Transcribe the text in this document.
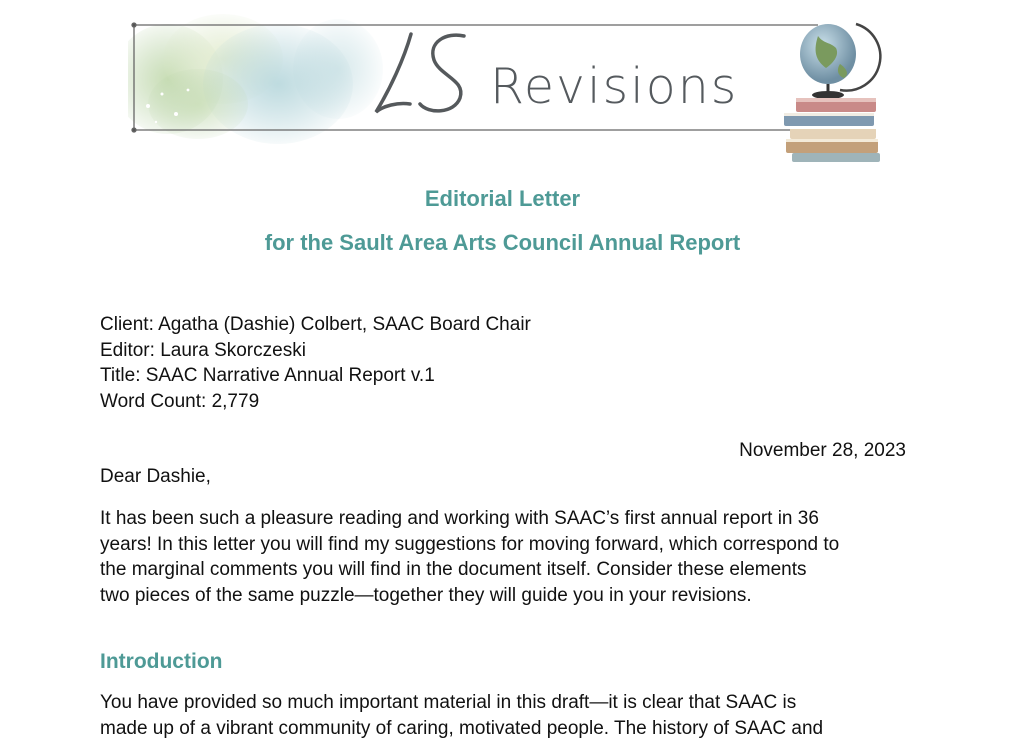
Revisions
Editorial Letter
for the Sault Area Arts Council Annual Report
Client: Agatha (Dashie) Colbert, SAAC Board Chair
Editor: Laura Skorczeski
Title: SAAC Narrative Annual Report v.1
Word Count: 2,779
November 28, 2023
Dear Dashie,
It has been such a pleasure reading and working with SAAC’s first annual report in 36
years! In this letter you will find my suggestions for moving forward, which correspond to
the marginal comments you will find in the document itself. Consider these elements
two pieces of the same puzzle—together they will guide you in your revisions.
Introduction
You have provided so much important material in this draft—it is clear that SAAC is
made up of a vibrant community of caring, motivated people. The history of SAAC and
